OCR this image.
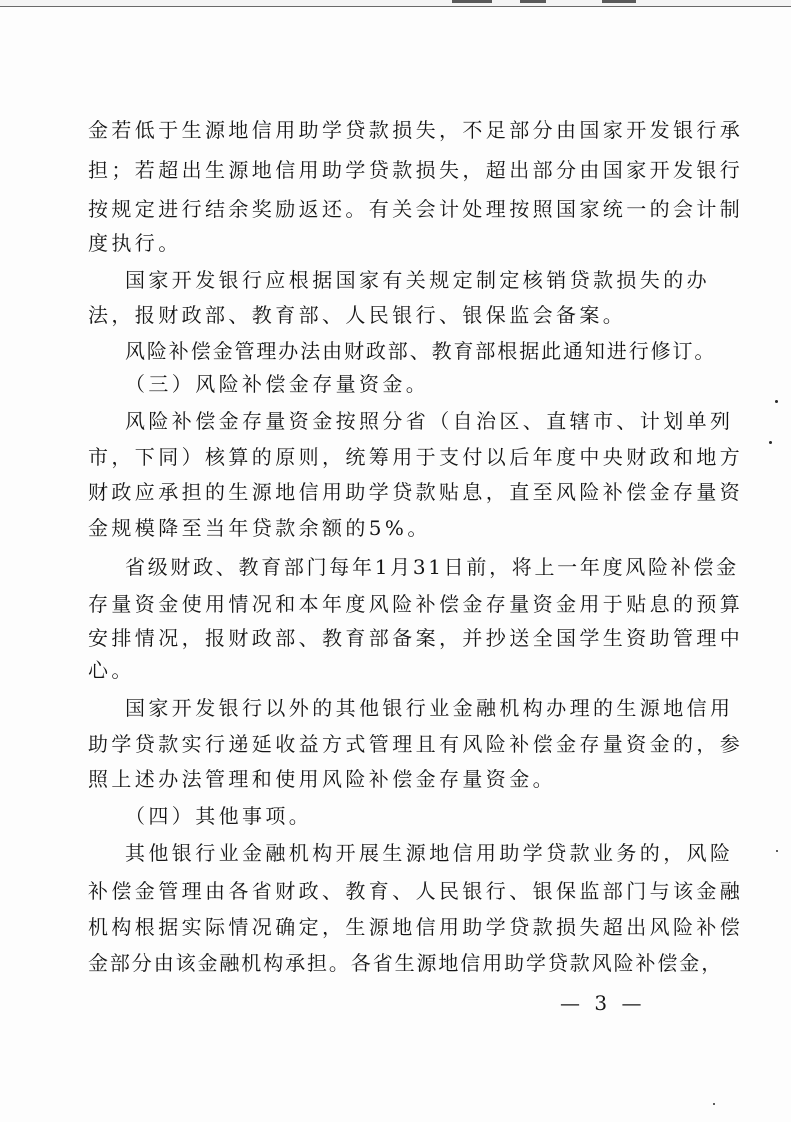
金若低于生源地信用助学贷款损失，不足部分由国家开发银行承
担；若超出生源地信用助学贷款损失，超出部分由国家开发银行
按规定进行结余奖励返还。有关会计处理按照国家统一的会计制
度执行。
国家开发银行应根据国家有关规定制定核销贷款损失的办
法，报财政部、教育部、人民银行、银保监会备案。
风险补偿金管理办法由财政部、教育部根据此通知进行修订。
（三）风险补偿金存量资金。
风险补偿金存量资金按照分省（自治区、直辖市、计划单列
市，下同）核算的原则，统筹用于支付以后年度中央财政和地方
财政应承担的生源地信用助学贷款贴息，直至风险补偿金存量资
金规模降至当年贷款余额的5%。
省级财政、教育部门每年1月31日前，将上一年度风险补偿金
存量资金使用情况和本年度风险补偿金存量资金用于贴息的预算
安排情况，报财政部、教育部备案，并抄送全国学生资助管理中
心。
国家开发银行以外的其他银行业金融机构办理的生源地信用
助学贷款实行递延收益方式管理且有风险补偿金存量资金的，参
照上述办法管理和使用风险补偿金存量资金。
（四）其他事项。
其他银行业金融机构开展生源地信用助学贷款业务的，风险
补偿金管理由各省财政、教育、人民银行、银保监部门与该金融
机构根据实际情况确定，生源地信用助学贷款损失超出风险补偿
金部分由该金融机构承担。各省生源地信用助学贷款风险补偿金，
— 3 —
